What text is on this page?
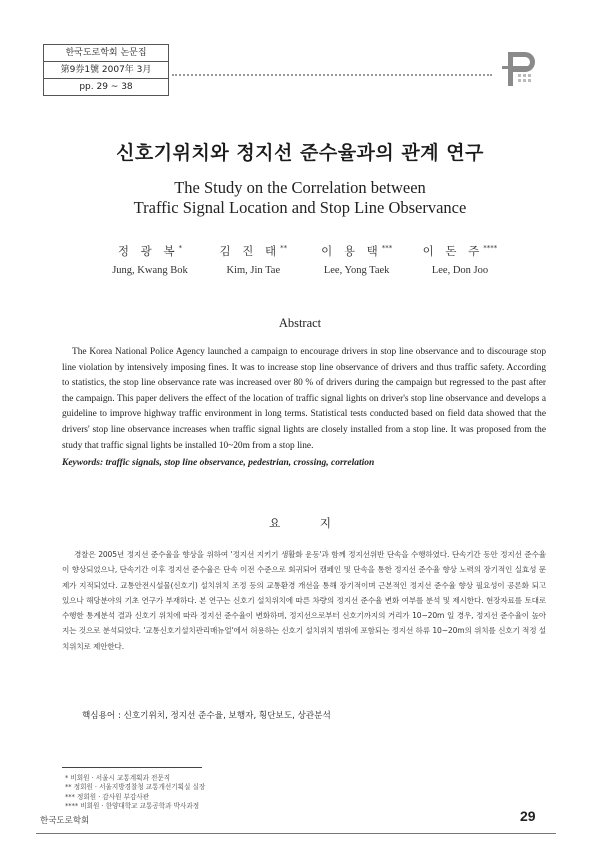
한국도로학회 논문집
第9券1號 2007年 3月
pp. 29 ~ 38
신호기위치와 정지선 준수율과의 관계 연구
The Study on the Correlation between
Traffic Signal Location and Stop Line Observance
정 광 복*
Jung, Kwang Bok
김 진 태**
Kim, Jin Tae
이 용 택***
Lee, Yong Taek
이 돈 주****
Lee, Don Joo
Abstract

The Korea National Police Agency launched a campaign to encourage drivers in stop line observance and to discourage stop line violation by intensively imposing fines. It was to increase stop line observance of drivers and thus traffic safety. According to statistics, the stop line observance rate was increased over 80 % of drivers during the campaign but regressed to the past after the campaign. This paper delivers the effect of the location of traffic signal lights on driver's stop line observance and develops a guideline to improve highway traffic environment in long terms. Statistical tests conducted based on field data showed that the drivers' stop line observance increases when traffic signal lights are closely installed from a stop line. It was proposed from the study that traffic signal lights be installed 10~20m from a stop line.

Keywords: traffic signals, stop line observance, pedestrian, crossing, correlation
요 지

경찰은 2005년 정지선 준수율을 향상을 위하여 '정지선 지키기 생활화 운동'과 함께 정지선위반 단속을 수행하였다. 단속기간 동안 정지선 준수율이 향상되었으나, 단속기간 이후 정지선 준수율은 단속 이전 수준으로 회귀되어 캠페인 및 단속을 통한 정지선 준수율 향상 노력의 장기적인 실효성 문제가 지적되었다. 교통안전시설물(신호기) 설치위치 조정 등의 교통환경 개선을 통해 장기적이며 근본적인 정지선 준수율 향상 필요성이 공론화 되고 있으나 해당분야의 기초 연구가 부재하다. 본 연구는 신호기 설치위치에 따른 차량의 정지선 준수율 변화 여부를 분석 및 제시한다. 현장자료를 토대로 수행한 통계분석 결과 신호기 위치에 따라 정지선 준수율이 변화하며, 정지선으로부터 신호기까지의 거리가 10~20m 일 경우, 정지선 준수율이 높아지는 것으로 분석되었다. '교통신호기설치관리매뉴얼'에서 허용하는 신호기 설치위치 범위에 포함되는 정지선 하류 10~20m의 위치를 신호기 적정 설치위치로 제안한다.

핵심용어 : 신호기위치, 정지선 준수율, 보행자, 횡단보도, 상관분석
* 비회원 · 서울시 교통계획과 전문직
** 정회원 · 서울지방경찰청 교통개선기획실 실장
*** 정회원 · 감사원 부감사관
**** 비회원 · 한양대학교 교통공학과 박사과정
한국도로학회	29
